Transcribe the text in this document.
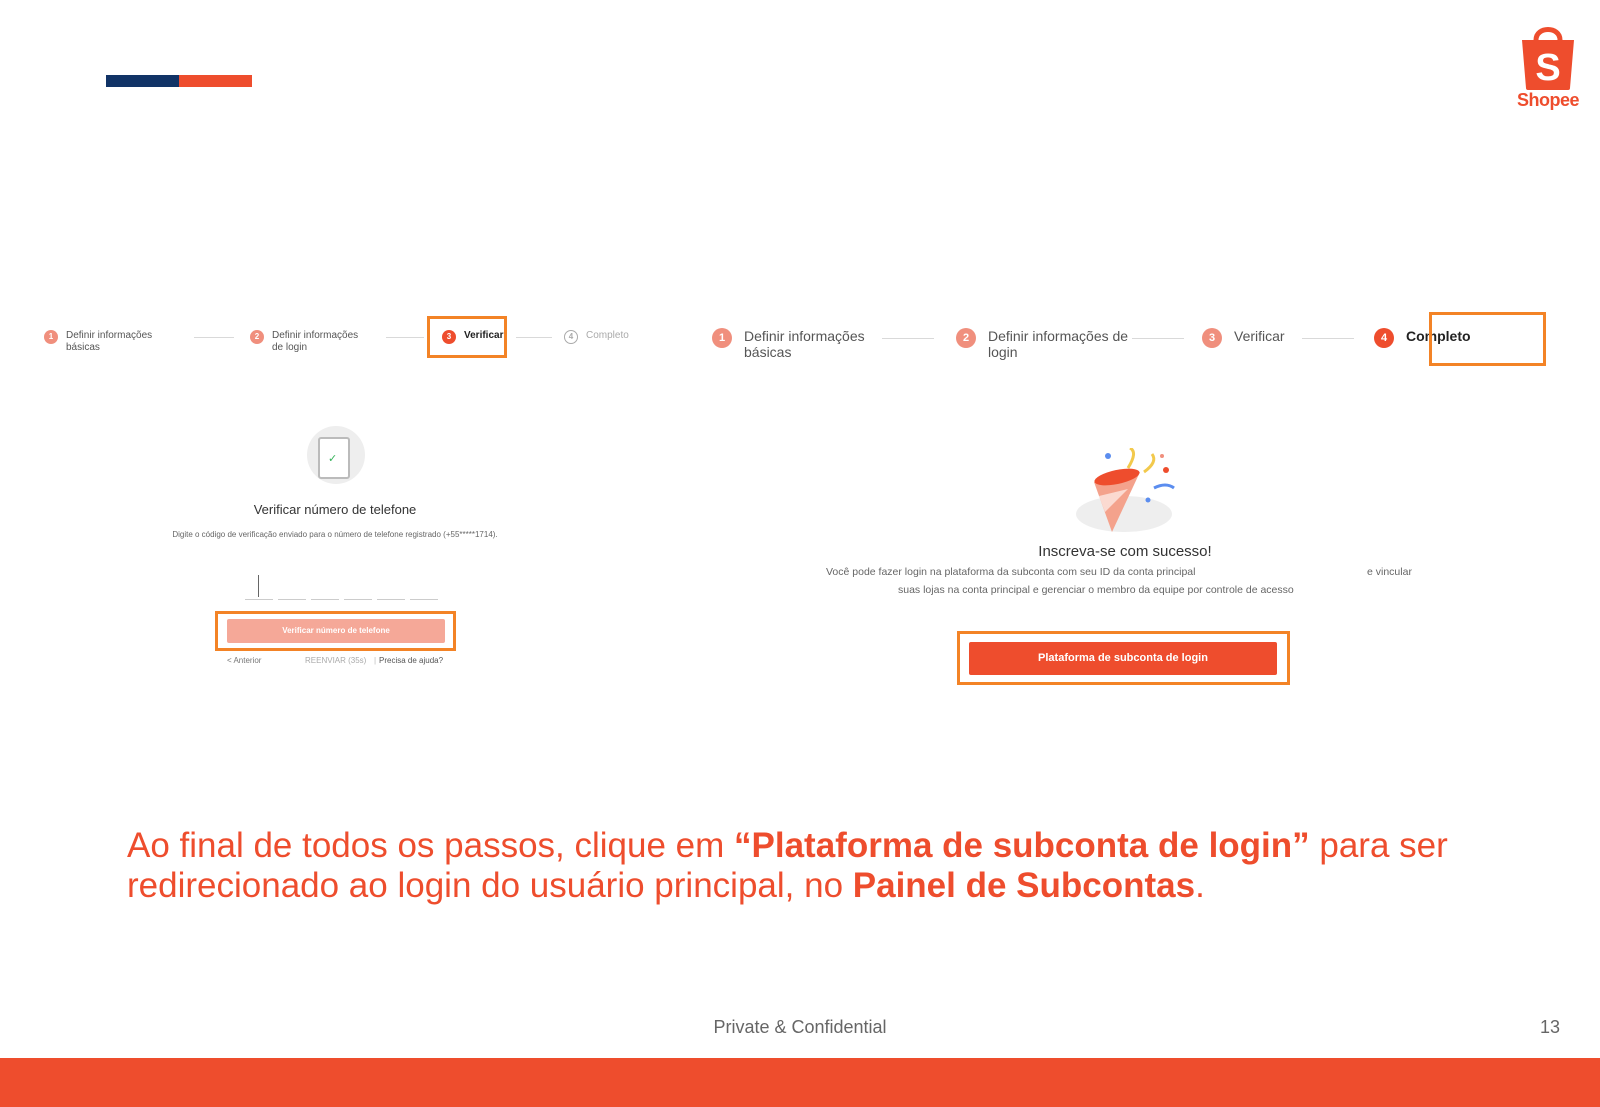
S
Shopee
1	Definir informações básicas
2	Definir informações de login
3	Verificar	4	Completo
✓
Verificar número de telefone
Digite o código de verificação enviado para o número de telefone registrado (+55*****1714).
Verificar número de telefone
< Anterior	REENVIAR (35s) | Precisa de ajuda?
1	Definir informações básicas
2	Definir informações de login
3	Verificar	4	Completo
Inscreva-se com sucesso!
Você pode fazer login na plataforma da subconta com seu ID da conta principal	e vincular
suas lojas na conta principal e gerenciar o membro da equipe por controle de acesso
Plataforma de subconta de login
Ao final de todos os passos, clique em “Plataforma de subconta de login” para ser redirecionado ao login do usuário principal, no Painel de Subcontas.
Private & Confidential	13
